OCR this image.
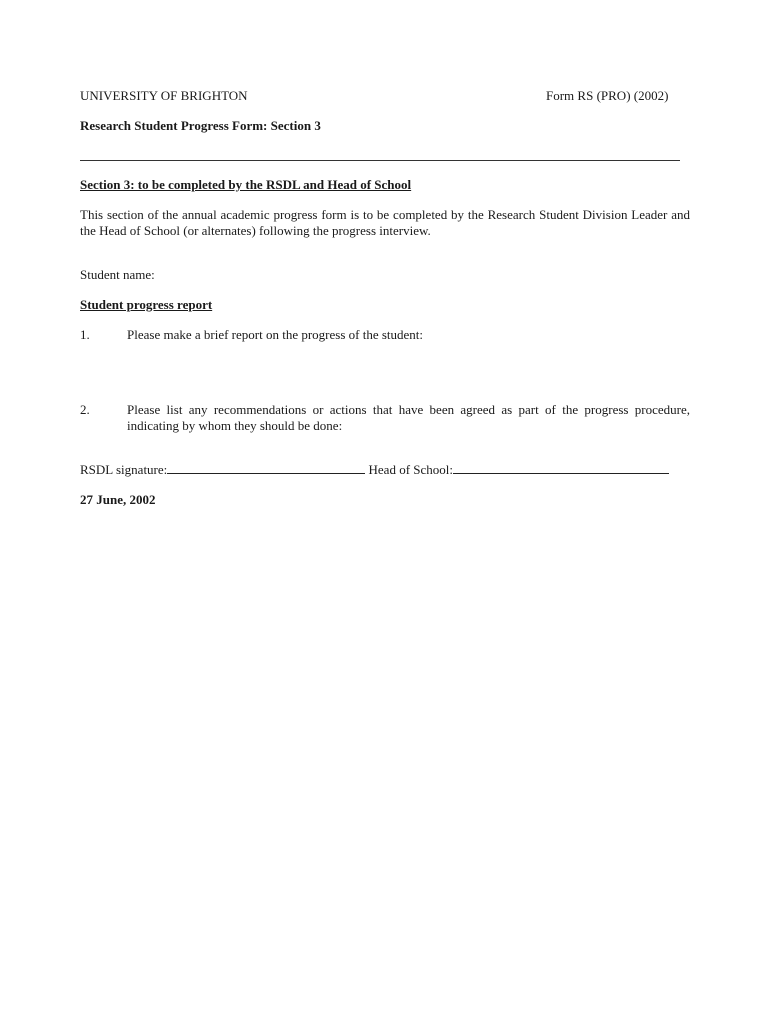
UNIVERSITY OF BRIGHTON	Form RS (PRO) (2002)
Research Student Progress Form: Section 3
Section 3: to be completed by the RSDL and Head of School
This section of the annual academic progress form is to be completed by the Research Student Division Leader and the Head of School (or alternates) following the progress interview.
Student name:
Student progress report
1.	Please make a brief report on the progress of the student:
2.	Please list any recommendations or actions that have been agreed as part of the progress procedure, indicating by whom they should be done:
RSDL signature:	Head of School:
27 June, 2002
